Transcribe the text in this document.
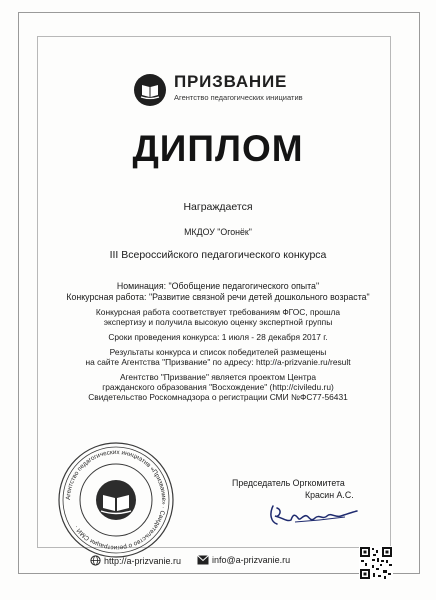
ПРИЗВАНИЕ
Агентство педагогических инициатив
ДИПЛОМ
Награждается
МКДОУ "Огонёк"
III Всероссийского педагогического конкурса
Номинация: "Обобщение педагогического опыта"
Конкурсная работа: "Развитие связной речи детей дошкольного возраста"
Конкурсная работа соответствует требованиям ФГОС, прошла
экспертизу и получила высокую оценку экспертной группы
Сроки проведения конкурса: 1 июля - 28 декабря 2017 г.
Результаты конкурса и список победителей размещены
на сайте Агентства "Призвание" по адресу: http://a-prizvanie.ru/result
Агентство "Призвание" является проектом Центра
гражданского образования "Восхождение" (http://civiledu.ru)
Свидетельство Роскомнадзора о регистрации СМИ №ФС77-56431
Агентство педагогических инициатив «Призвание» · Свидетельство о регистрации СМИ ·
Председатель Оргкомитета
Красин А.С.
http://a-prizvanie.ru	info@a-prizvanie.ru
